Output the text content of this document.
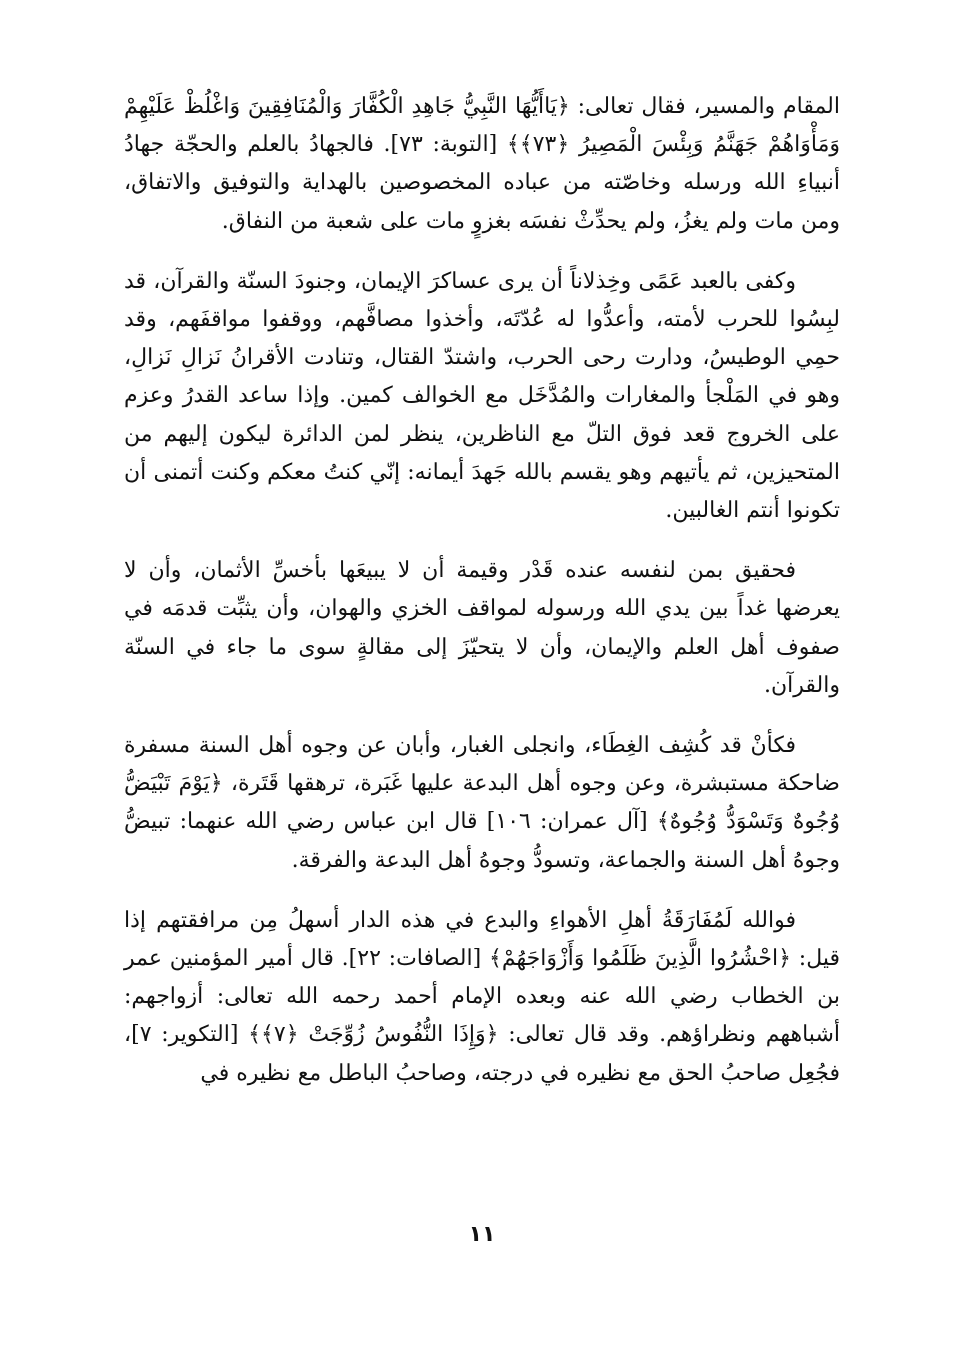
المقام والمسير، فقال تعالى: ﴿يَاأَيُّهَا النَّبِيُّ جَاهِدِ الْكُفَّارَ وَالْمُنَافِقِينَ وَاغْلُظْ عَلَيْهِمْ وَمَأْوَاهُمْ جَهَنَّمُ وَبِئْسَ الْمَصِيرُ ﴿٧٣﴾﴾ [التوبة: ٧٣]. فالجهادُ بالعلم والحجّة جهادُ أنبياءِ الله ورسله وخاصّته من عباده المخصوصين بالهداية والتوفيق والاتفاق، ومن مات ولم يغزُ، ولم يحدِّثْ نفسَه بغزوٍ مات على شعبة من النفاق.

وكفى بالعبد عَمًى وخِذلاناً أن يرى عساكرَ الإيمان، وجنودَ السنّة والقرآن، قد لبِسُوا للحرب لأمته، وأعدُّوا له عُدّتَه، وأخذوا مصافَّهم، ووقفوا مواقفَهم، وقد حمِي الوطيسُ، ودارت رحى الحرب، واشتدّ القتال، وتنادت الأقرانُ نَزالِ نَزالِ، وهو في المَلْجأ والمغارات والمُدَّخَل مع الخوالف كمين. وإذا ساعد القدرُ وعزم على الخروج قعد فوق التلّ مع الناظرين، ينظر لمن الدائرة ليكون إليهم من المتحيزين، ثم يأتيهم وهو يقسم بالله جَهدَ أيمانه: إنّي كنتُ معكم وكنت أتمنى أن تكونوا أنتم الغالبين.

فحقيق بمن لنفسه عنده قَدْر وقيمة أن لا يبيعَها بأخسِّ الأثمان، وأن لا يعرضها غداً بين يدي الله ورسوله لمواقف الخزي والهوان، وأن يثبِّت قدمَه في صفوف أهل العلم والإيمان، وأن لا يتحيّزَ إلى مقالةٍ سوى ما جاء في السنّة والقرآن.

فكأنْ قد كُشِف الغِطَاء، وانجلى الغبار، وأبان عن وجوه أهل السنة مسفرة ضاحكة مستبشرة، وعن وجوه أهل البدعة عليها غَبَرة، ترهقها قَتَرة، ﴿يَوْمَ تَبْيَضُّ وُجُوهٌ وَتَسْوَدُّ وُجُوهٌ﴾ [آل عمران: ١٠٦] قال ابن عباس رضي الله عنهما: تبيضُّ وجوهُ أهل السنة والجماعة، وتسودُّ وجوهُ أهل البدعة والفرقة.

فوالله لَمُفَارَقَةُ أهلِ الأهواءِ والبدع في هذه الدار أسهلُ مِن مرافقتهم إذا قيل: ﴿احْشُرُوا الَّذِينَ ظَلَمُوا وَأَزْوَاجَهُمْ﴾ [الصافات: ٢٢]. قال أمير المؤمنين عمر بن الخطاب رضي الله عنه وبعده الإمام أحمد رحمه الله تعالى: أزواجهم: أشباههم ونظراؤهم. وقد قال تعالى: ﴿وَإِذَا النُّفُوسُ زُوِّجَتْ ﴿٧﴾﴾ [التكوير: ٧]، فجُعِل صاحبُ الحق مع نظيره في درجته، وصاحبُ الباطل مع نظيره في

١١
